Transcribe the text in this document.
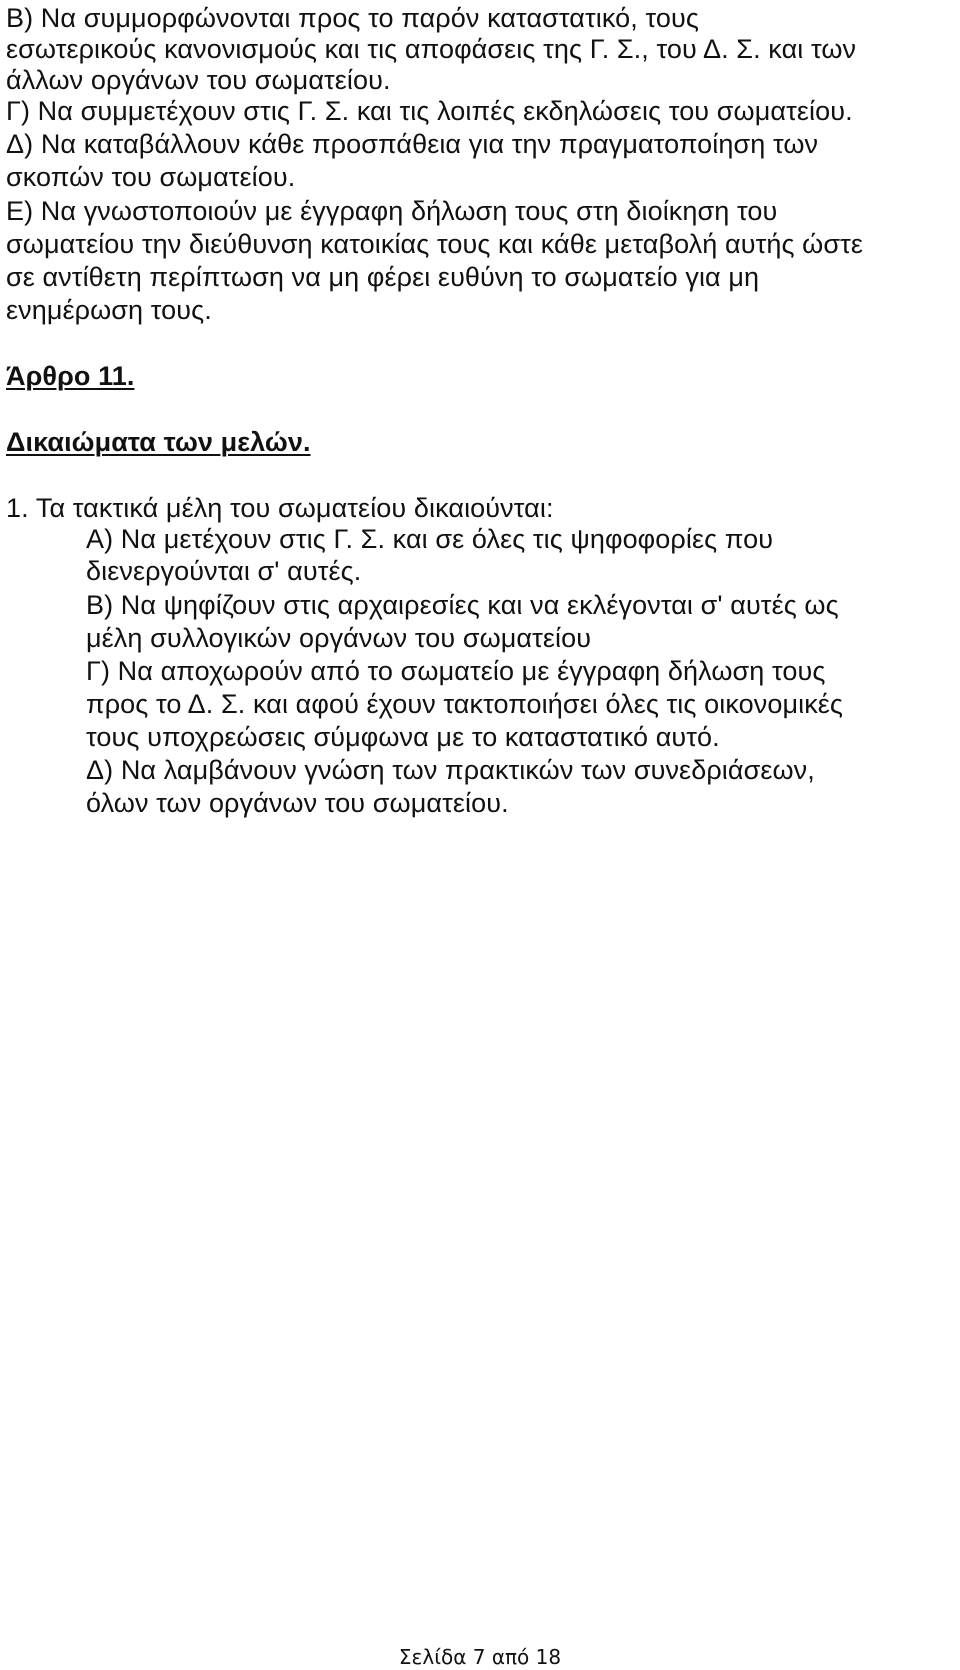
Β) Να συμμορφώνονται προς το παρόν καταστατικό, τους
εσωτερικούς κανονισμούς και τις αποφάσεις της Γ. Σ., του Δ. Σ. και των
άλλων οργάνων του σωματείου.
Γ) Να συμμετέχουν στις Γ. Σ. και τις λοιπές εκδηλώσεις του σωματείου.
Δ) Να καταβάλλουν κάθε προσπάθεια για την πραγματοποίηση των
σκοπών του σωματείου.
Ε) Να γνωστοποιούν με έγγραφη δήλωση τους στη διοίκηση του
σωματείου την διεύθυνση κατοικίας τους και κάθε μεταβολή αυτής ώστε
σε αντίθετη περίπτωση να μη φέρει ευθύνη το σωματείο για μη
ενημέρωση τους.
Άρθρο 11.
Δικαιώματα των μελών.
1. Τα τακτικά μέλη του σωματείου δικαιούνται:
Α) Να μετέχουν στις Γ. Σ. και σε όλες τις ψηφοφορίες που
διενεργούνται σ' αυτές.
Β) Να ψηφίζουν στις αρχαιρεσίες και να εκλέγονται σ' αυτές ως
μέλη συλλογικών οργάνων του σωματείου
Γ) Να αποχωρούν από το σωματείο με έγγραφη δήλωση τους
προς το Δ. Σ. και αφού έχουν τακτοποιήσει όλες τις οικονομικές
τους υποχρεώσεις σύμφωνα με το καταστατικό αυτό.
Δ) Να λαμβάνουν γνώση των πρακτικών των συνεδριάσεων,
όλων των οργάνων του σωματείου.
Σελίδα 7 από 18
